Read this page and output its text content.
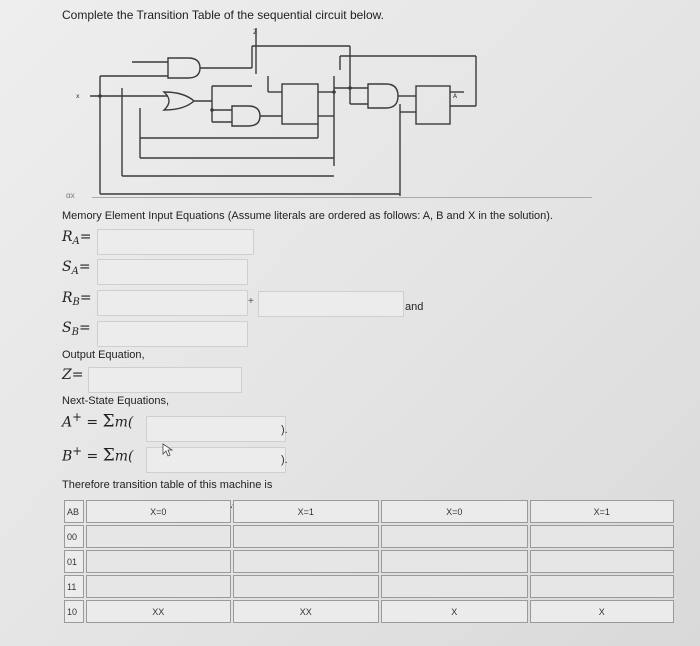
Complete the Transition Table of the sequential circuit below.
x
Z
A
αx
Memory Element Input Equations (Assume literals are ordered as follows: A, B and X in the solution).
$R_A=$
$S_A=$
$R_B=$	+	and
$S_B=$
Output Equation,
Z=
Next-State Equations,
A+ = Σm(	).
B+ = Σm(	).
Therefore transition table of this machine is
AB	X=0	X=1	X=0	X=1
00				
01				
11				
10	XX	XX	X	X
